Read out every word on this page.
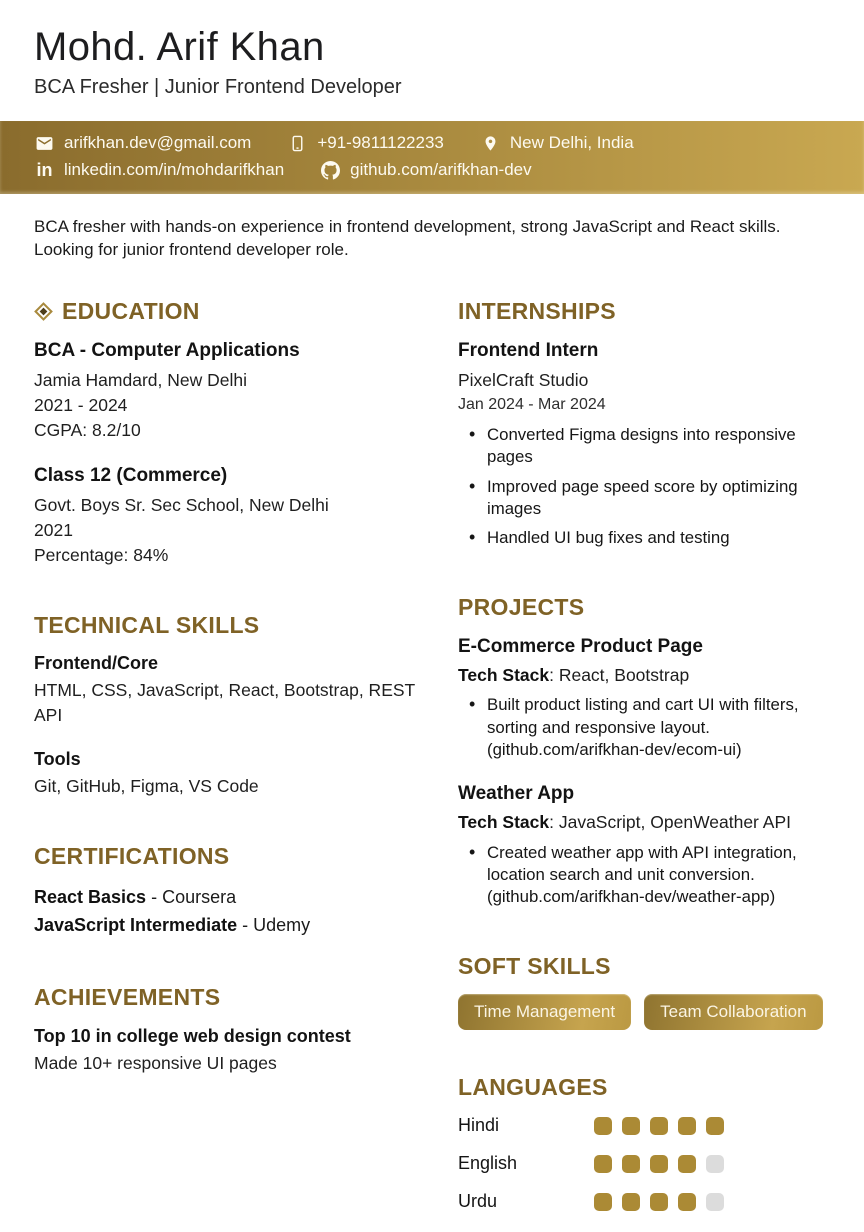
Mohd. Arif Khan
BCA Fresher | Junior Frontend Developer
arifkhan.dev@gmail.com	+91-9811122233	New Delhi, India
in linkedin.com/in/mohdarifkhan	github.com/arifkhan-dev

BCA fresher with hands-on experience in frontend development, strong JavaScript and React skills. Looking for junior frontend developer role.

EDUCATION
BCA - Computer Applications
Jamia Hamdard, New Delhi
2021 - 2024
CGPA: 8.2/10
Class 12 (Commerce)
Govt. Boys Sr. Sec School, New Delhi
2021
Percentage: 84%
TECHNICAL SKILLS
Frontend/Core
HTML, CSS, JavaScript, React, Bootstrap, REST API
Tools
Git, GitHub, Figma, VS Code
CERTIFICATIONS
React Basics - Coursera
JavaScript Intermediate - Udemy
ACHIEVEMENTS
Top 10 in college web design contest
Made 10+ responsive UI pages
INTERNSHIPS
Frontend Intern
PixelCraft Studio
Jan 2024 - Mar 2024
• Converted Figma designs into responsive pages
• Improved page speed score by optimizing images
• Handled UI bug fixes and testing
PROJECTS
E-Commerce Product Page
Tech Stack: React, Bootstrap
• Built product listing and cart UI with filters, sorting and responsive layout. (github.com/arifkhan-dev/ecom-ui)
Weather App
Tech Stack: JavaScript, OpenWeather API
• Created weather app with API integration, location search and unit conversion. (github.com/arifkhan-dev/weather-app)
SOFT SKILLS
Time Management	Team Collaboration
LANGUAGES
Hindi
English
Urdu
